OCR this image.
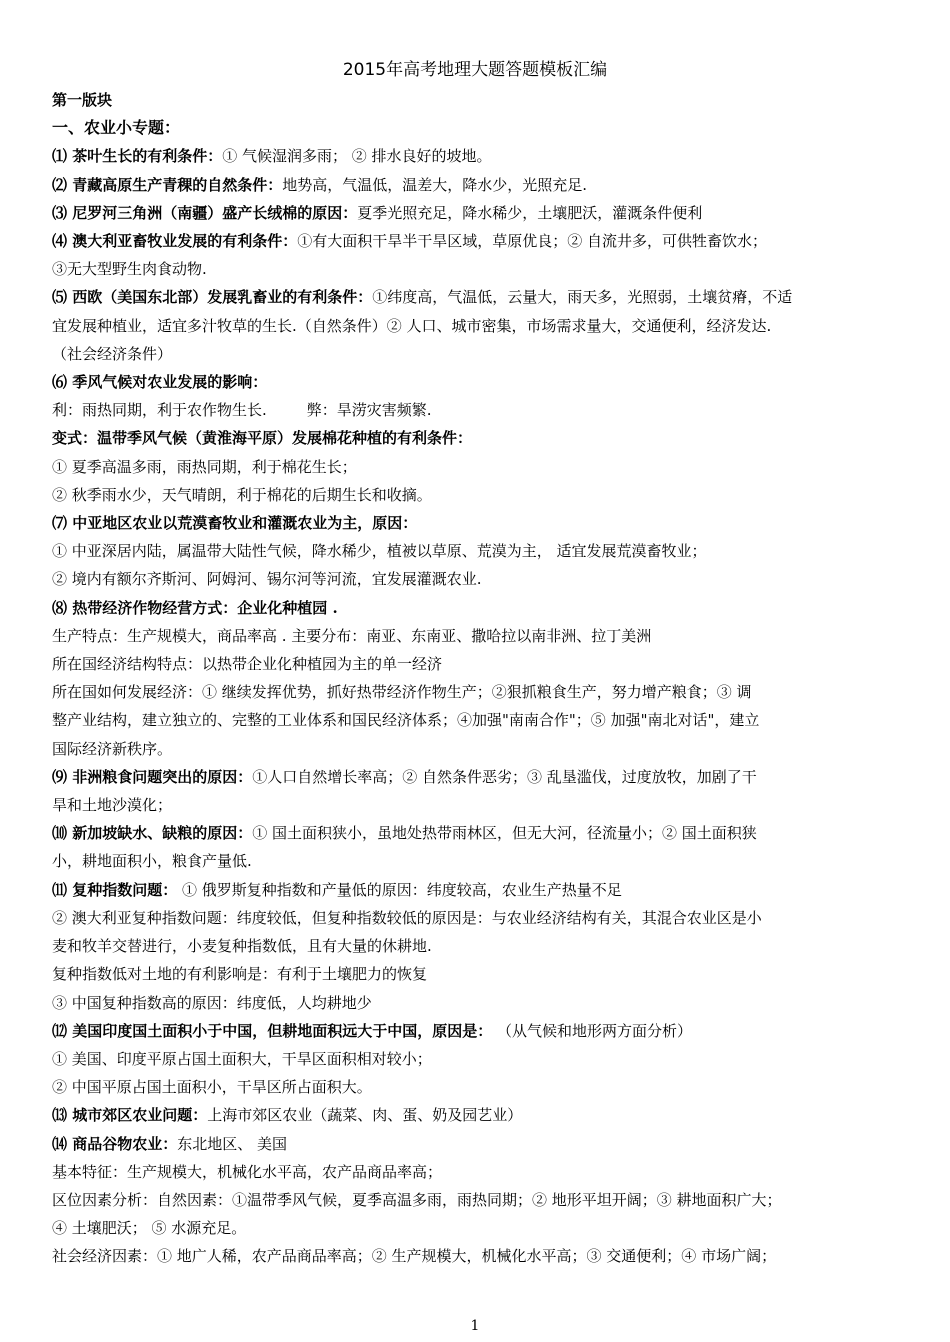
2015年高考地理大题答题模板汇编
第一版块
一、农业小专题：
⑴ 茶叶生长的有利条件：① 气候湿润多雨； ② 排水良好的坡地。
⑵ 青藏高原生产青稞的自然条件：地势高，气温低，温差大，降水少，光照充足.
⑶ 尼罗河三角洲（南疆）盛产长绒棉的原因：夏季光照充足，降水稀少，土壤肥沃，灌溉条件便利
⑷ 澳大利亚畜牧业发展的有利条件：①有大面积干旱半干旱区域，草原优良；② 自流井多，可供牲畜饮水；
③无大型野生肉食动物.
⑸ 西欧（美国东北部）发展乳畜业的有利条件：①纬度高，气温低，云量大，雨天多，光照弱，土壤贫瘠，不适
宜发展种植业，适宜多汁牧草的生长.（自然条件）② 人口、城市密集，市场需求量大，交通便利，经济发达.
（社会经济条件）
⑹ 季风气候对农业发展的影响：
利：雨热同期，利于农作物生长.	弊：旱涝灾害频繁.
变式：温带季风气候（黄淮海平原）发展棉花种植的有利条件：
① 夏季高温多雨，雨热同期，利于棉花生长；
② 秋季雨水少，天气晴朗，利于棉花的后期生长和收摘。
⑺ 中亚地区农业以荒漠畜牧业和灌溉农业为主，原因：
① 中亚深居内陆，属温带大陆性气候，降水稀少，植被以草原、荒漠为主， 适宜发展荒漠畜牧业；
② 境内有额尔齐斯河、阿姆河、锡尔河等河流，宜发展灌溉农业.
⑻ 热带经济作物经营方式：企业化种植园 .
生产特点：生产规模大，商品率高 . 主要分布：南亚、东南亚、撒哈拉以南非洲、拉丁美洲
所在国经济结构特点：以热带企业化种植园为主的单一经济
所在国如何发展经济：① 继续发挥优势，抓好热带经济作物生产；②狠抓粮食生产，努力增产粮食；③ 调
整产业结构，建立独立的、完整的工业体系和国民经济体系；④加强"南南合作"；⑤ 加强"南北对话"，建立
国际经济新秩序。
⑼ 非洲粮食问题突出的原因：①人口自然增长率高；② 自然条件恶劣；③ 乱垦滥伐，过度放牧，加剧了干
旱和土地沙漠化；
⑽ 新加坡缺水、缺粮的原因：① 国土面积狭小，虽地处热带雨林区，但无大河，径流量小；② 国土面积狭
小，耕地面积小，粮食产量低.
⑾ 复种指数问题： ① 俄罗斯复种指数和产量低的原因：纬度较高，农业生产热量不足
② 澳大利亚复种指数问题：纬度较低，但复种指数较低的原因是：与农业经济结构有关，其混合农业区是小
麦和牧羊交替进行，小麦复种指数低，且有大量的休耕地.
复种指数低对土地的有利影响是：有利于土壤肥力的恢复
③ 中国复种指数高的原因：纬度低，人均耕地少
⑿ 美国印度国土面积小于中国，但耕地面积远大于中国，原因是： （从气候和地形两方面分析）
① 美国、印度平原占国土面积大，干旱区面积相对较小；
② 中国平原占国土面积小，干旱区所占面积大。
⒀ 城市郊区农业问题：上海市郊区农业（蔬菜、肉、蛋、奶及园艺业）
⒁ 商品谷物农业：东北地区、 美国
基本特征：生产规模大，机械化水平高，农产品商品率高；
区位因素分析：自然因素：①温带季风气候，夏季高温多雨，雨热同期；② 地形平坦开阔；③ 耕地面积广大；
④ 土壤肥沃； ⑤ 水源充足。
社会经济因素：① 地广人稀，农产品商品率高；② 生产规模大，机械化水平高；③ 交通便利；④ 市场广阔；
1
